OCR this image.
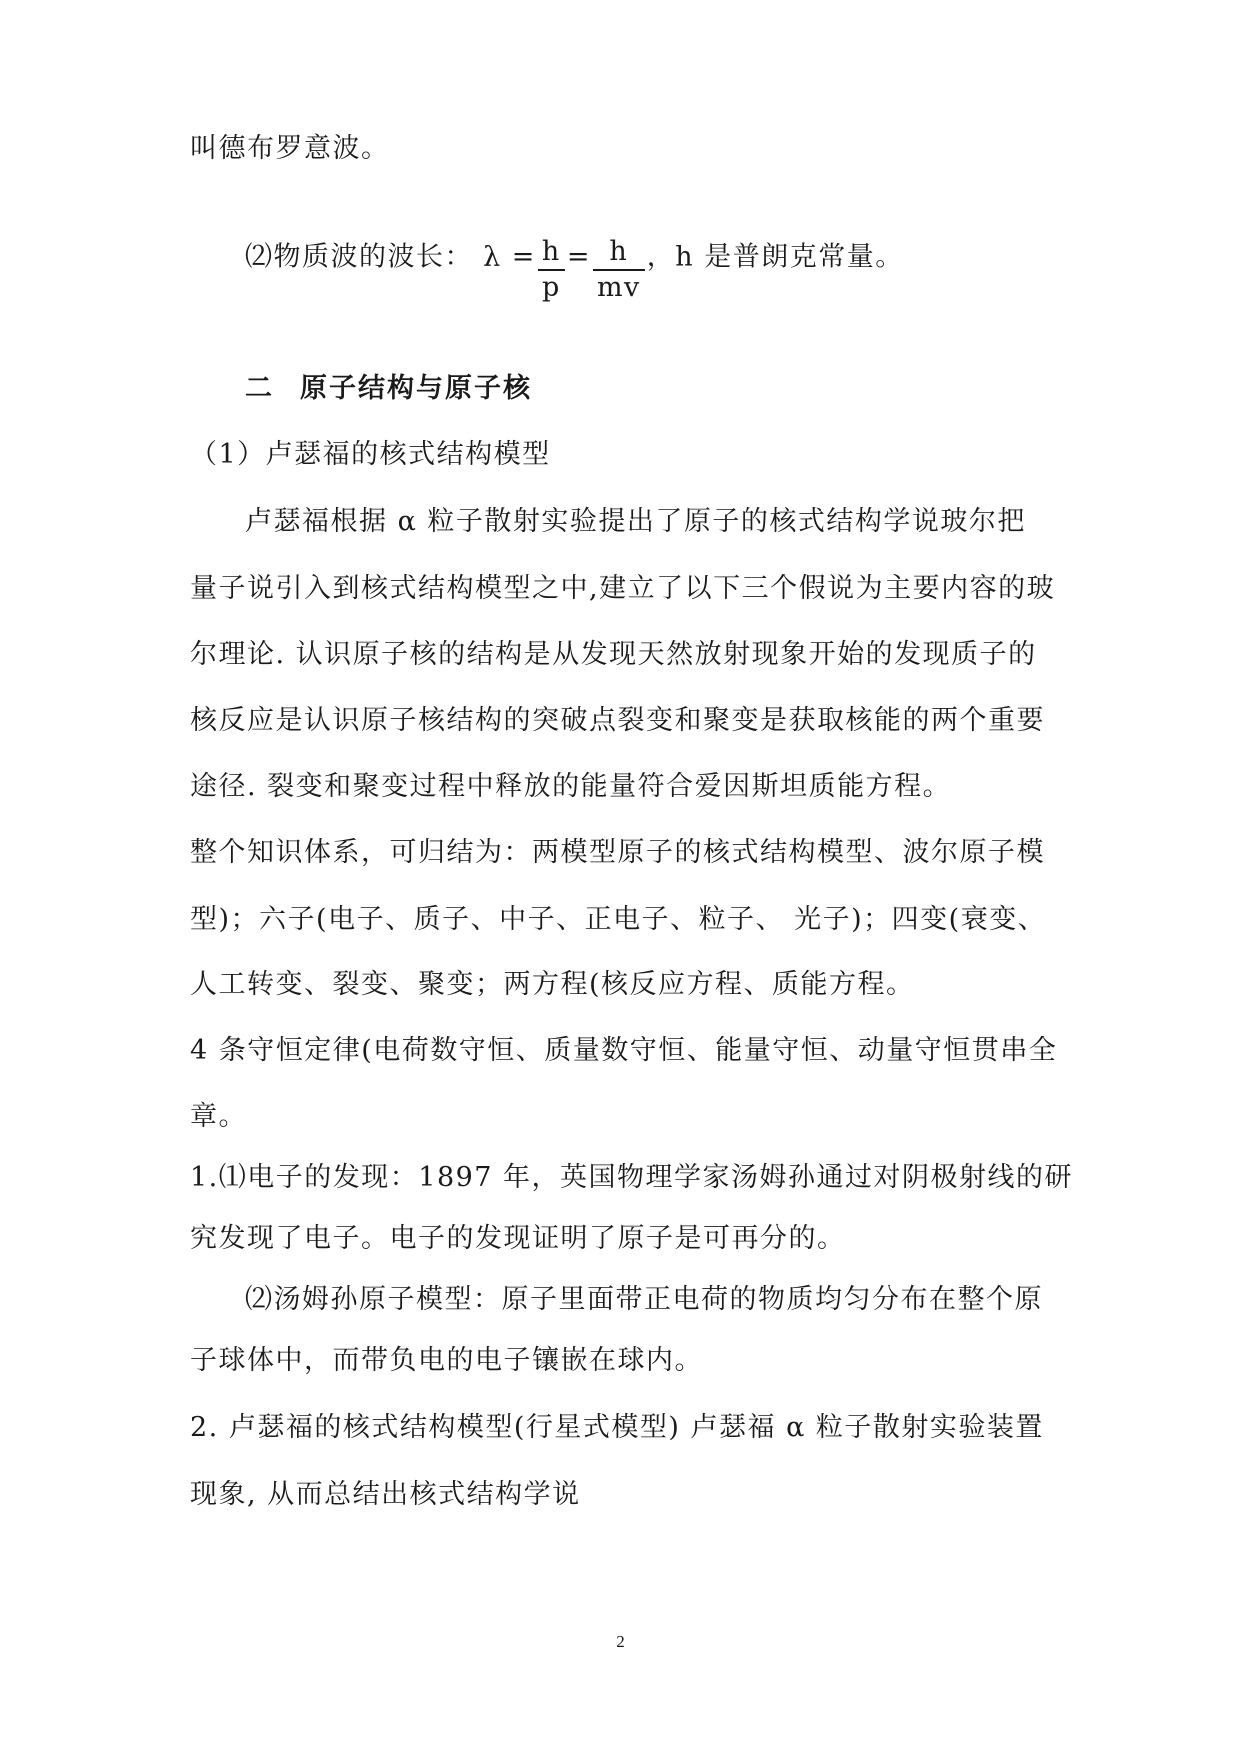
叫德布罗意波。
⑵物质波的波长： $\lambda = \frac{h}{p} = \frac{h}{mv}$ ，h 是普朗克常量。
二 原子结构与原子核
（1）卢瑟福的核式结构模型
卢瑟福根据 α 粒子散射实验提出了原子的核式结构学说玻尔把
量子说引入到核式结构模型之中,建立了以下三个假说为主要内容的玻
尔理论. 认识原子核的结构是从发现天然放射现象开始的发现质子的
核反应是认识原子核结构的突破点裂变和聚变是获取核能的两个重要
途径. 裂变和聚变过程中释放的能量符合爱因斯坦质能方程。
整个知识体系，可归结为：两模型原子的核式结构模型、波尔原子模
型)；六子(电子、质子、中子、正电子、粒子、 光子)；四变(衰变、
人工转变、裂变、聚变；两方程(核反应方程、质能方程。
4 条守恒定律(电荷数守恒、质量数守恒、能量守恒、动量守恒贯串全
章。
1.⑴电子的发现：1897 年，英国物理学家汤姆孙通过对阴极射线的研
究发现了电子。电子的发现证明了原子是可再分的。
⑵汤姆孙原子模型：原子里面带正电荷的物质均匀分布在整个原
子球体中，而带负电的电子镶嵌在球内。
2. 卢瑟福的核式结构模型(行星式模型) 卢瑟福 α 粒子散射实验装置
现象, 从而总结出核式结构学说
2
